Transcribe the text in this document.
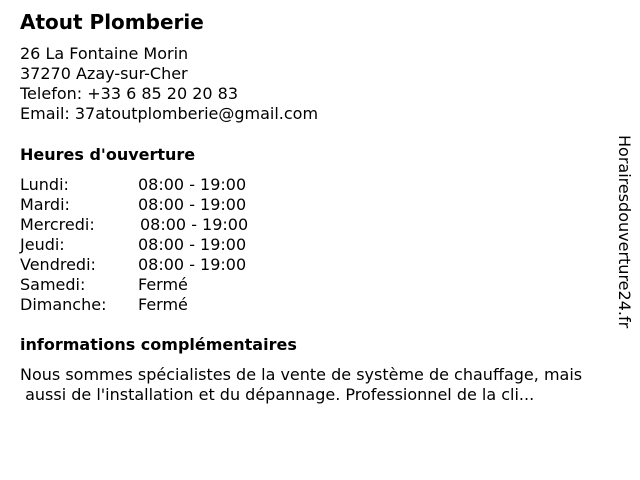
Atout Plomberie
26 La Fontaine Morin
37270 Azay-sur-Cher
Telefon: +33 6 85 20 20 83
Email: 37atoutplomberie@gmail.com
Heures d'ouverture
Lundi:	08:00 - 19:00
Mardi:	08:00 - 19:00
Mercredi:	08:00 - 19:00
Jeudi:	08:00 - 19:00
Vendredi:	08:00 - 19:00
Samedi:	Fermé
Dimanche: Fermé
informations complémentaires
Nous sommes spécialistes de la vente de système de chauffage, mais
aussi de l'installation et du dépannage. Professionnel de la cli...
Horairesdouverture24.fr
